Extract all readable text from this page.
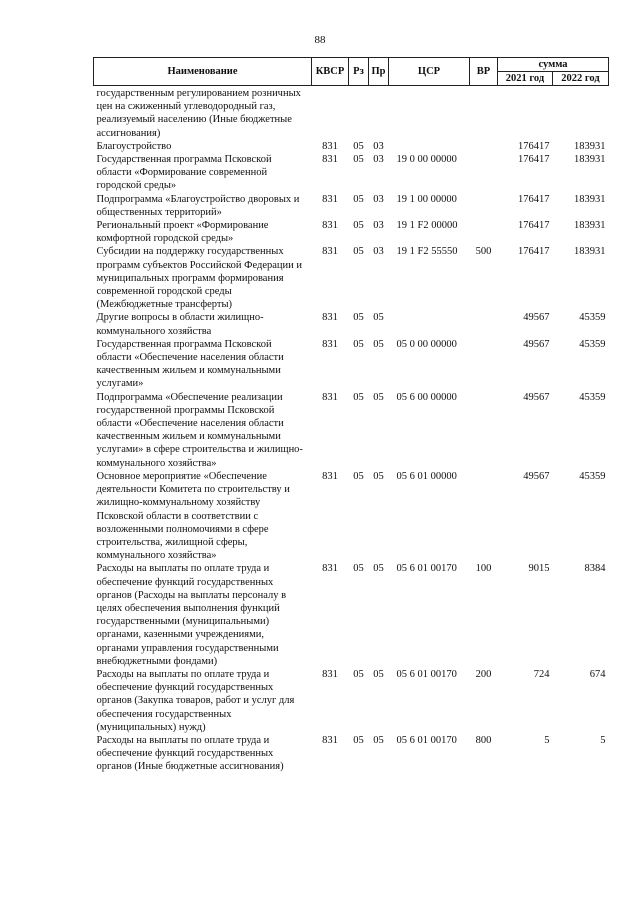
88
Наименование	КВСР	Рз	Пр	ЦСР	ВР	сумма	
						2021 год	2022 год
государственным регулированием розничных цен на сжиженный углеводородный газ, реализуемый населению (Иные бюджетные ассигнования)							
Благоустройство	831	05	03			176417	183931
Государственная программа Псковской области «Формирование современной городской среды»	831	05	03	19 0 00 00000		176417	183931
Подпрограмма «Благоустройство дворовых и общественных территорий»	831	05	03	19 1 00 00000		176417	183931
Региональный проект «Формирование комфортной городской среды»	831	05	03	19 1 F2 00000		176417	183931
Субсидии на поддержку государственных программ субъектов Российской Федерации и муниципальных программ формирования современной городской среды (Межбюджетные трансферты)	831	05	03	19 1 F2 55550	500	176417	183931
Другие вопросы в области жилищно-коммунального хозяйства	831	05	05			49567	45359
Государственная программа Псковской области «Обеспечение населения области качественным жильем и коммунальными услугами»	831	05	05	05 0 00 00000		49567	45359
Подпрограмма «Обеспечение реализации государственной программы Псковской области «Обеспечение населения области качественным жильем и коммунальными услугами» в сфере строительства и жилищно-коммунального хозяйства»	831	05	05	05 6 00 00000		49567	45359
Основное мероприятие «Обеспечение деятельности Комитета по строительству и жилищно-коммунальному хозяйству Псковской области в соответствии с возложенными полномочиями в сфере строительства, жилищной сферы, коммунального хозяйства»	831	05	05	05 6 01 00000		49567	45359
Расходы на выплаты по оплате труда и обеспечение функций государственных органов (Расходы на выплаты персоналу в целях обеспечения выполнения функций государственными (муниципальными) органами, казенными учреждениями, органами управления государственными внебюджетными фондами)	831	05	05	05 6 01 00170	100	9015	8384
Расходы на выплаты по оплате труда и обеспечение функций государственных органов (Закупка товаров, работ и услуг для обеспечения государственных (муниципальных) нужд)	831	05	05	05 6 01 00170	200	724	674
Расходы на выплаты по оплате труда и обеспечение функций государственных органов (Иные бюджетные ассигнования)	831	05	05	05 6 01 00170	800	5	5
